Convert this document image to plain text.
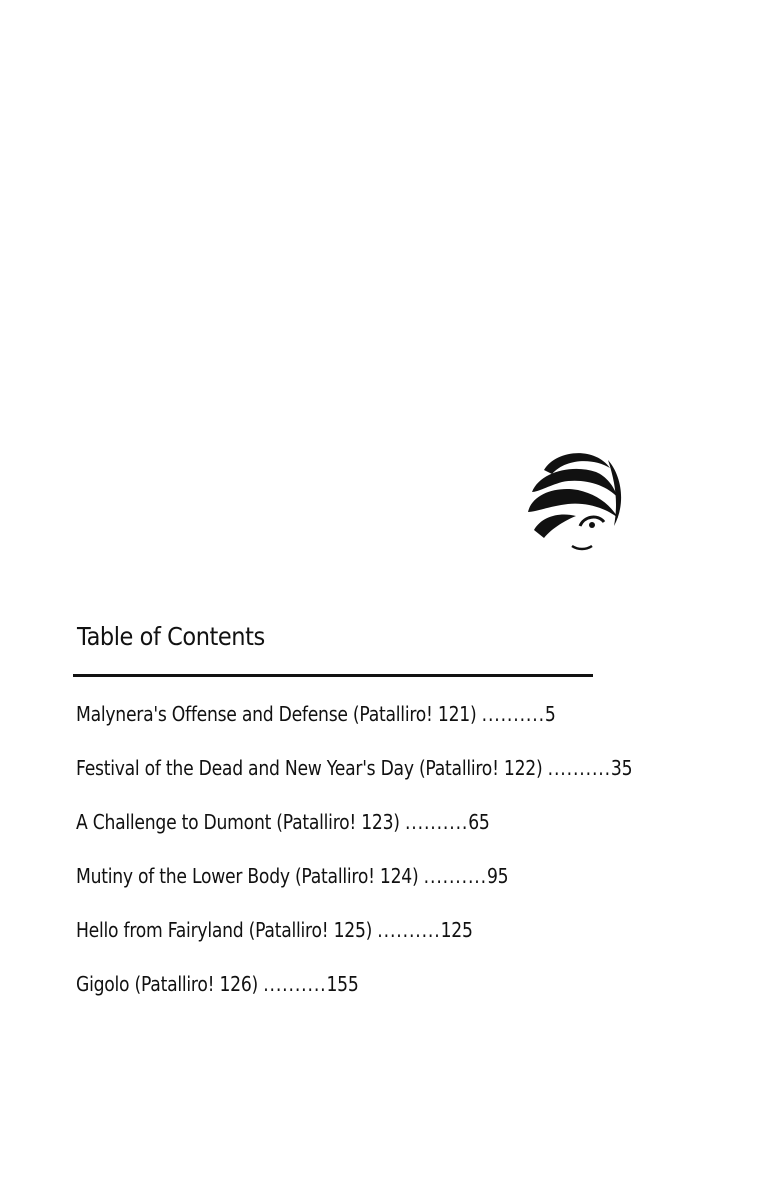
Table of Contents
Malynera's Offense and Defense (Patalliro! 121) ..........5
Festival of the Dead and New Year's Day (Patalliro! 122) ..........35
A Challenge to Dumont (Patalliro! 123) ..........65
Mutiny of the Lower Body (Patalliro! 124) ..........95
Hello from Fairyland (Patalliro! 125) ..........125
Gigolo (Patalliro! 126) ..........155
